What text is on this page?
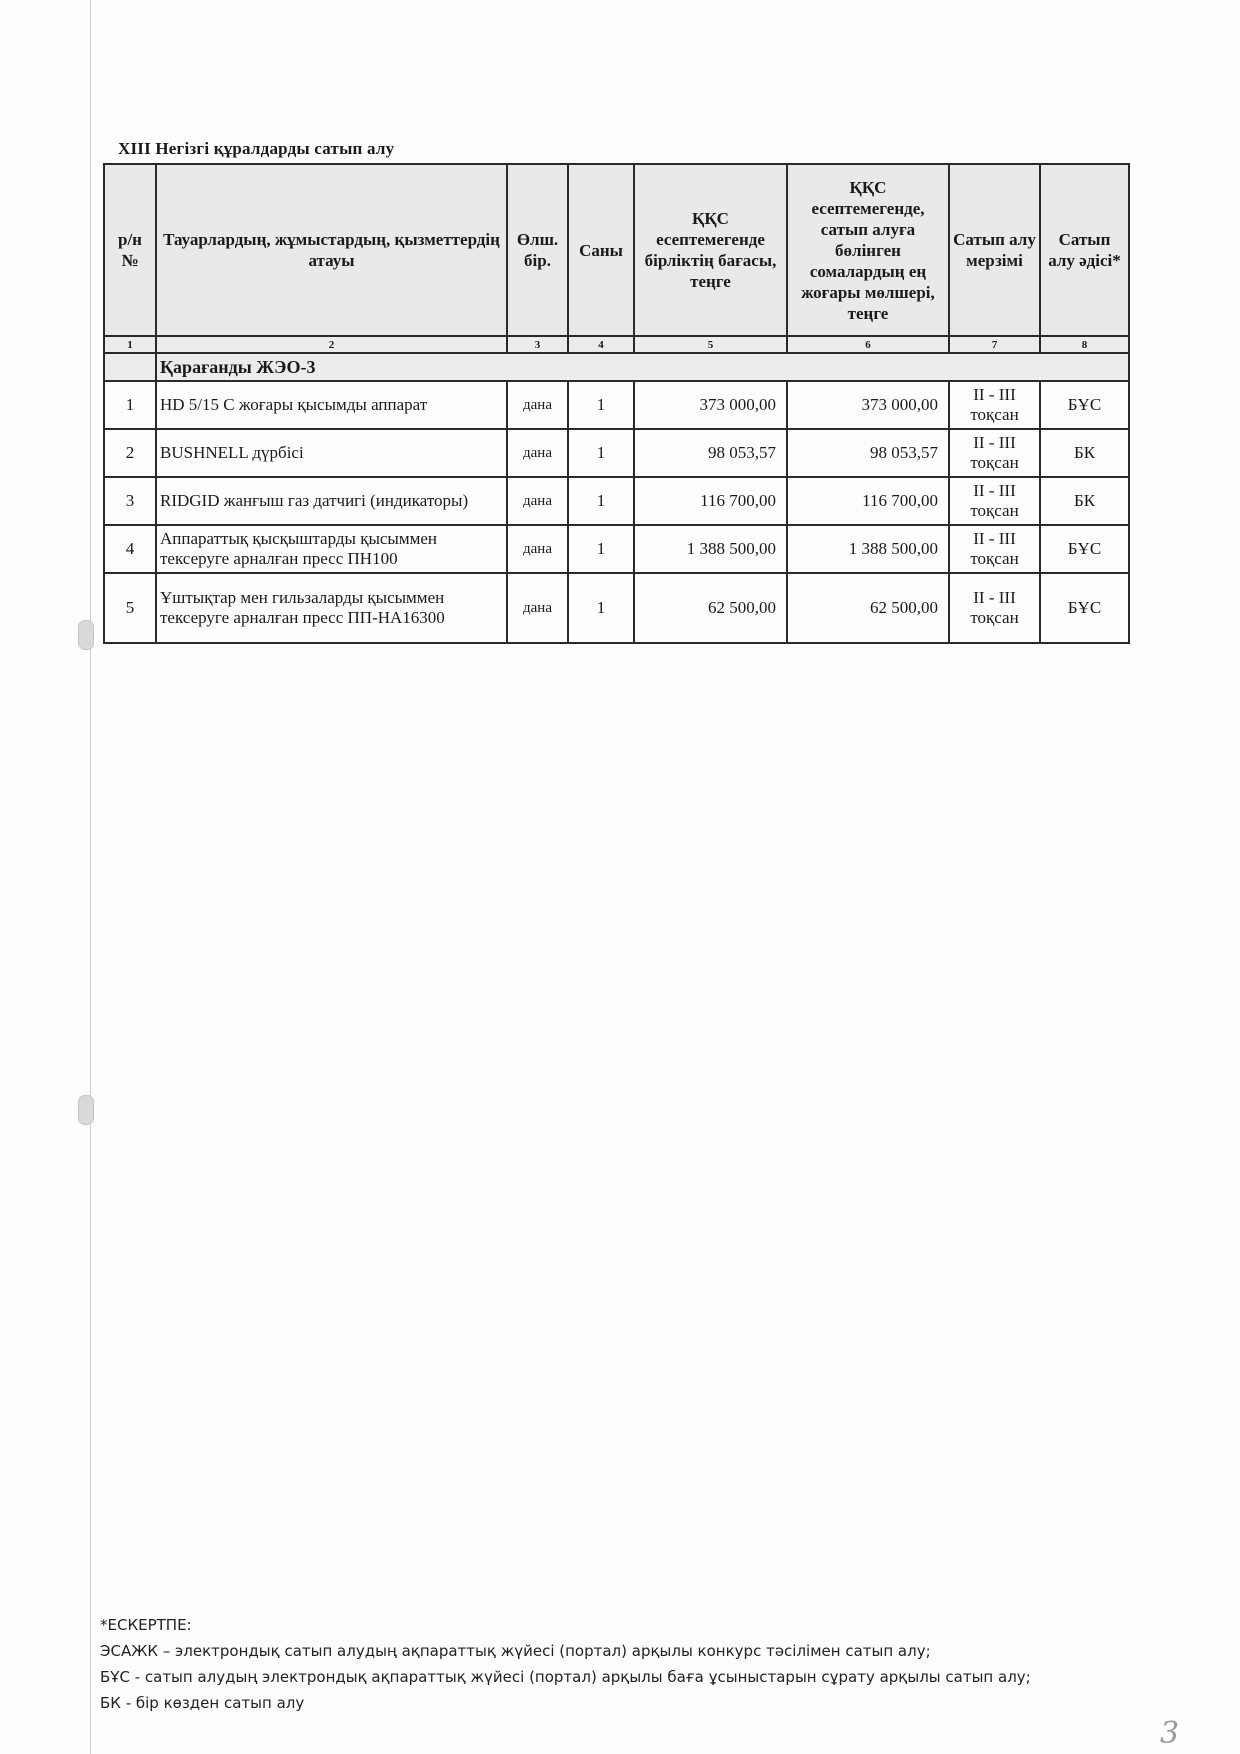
XIII Негізгі құралдарды сатып алу
р/н №	Тауарлардың, жұмыстардың, қызметтердің атауы	Өлш. бір.	Саны	ҚҚС есептемегенде бірліктің бағасы, теңге	ҚҚС есептемегенде, сатып алуға бөлінген сомалардың ең жоғары мөлшері, теңге	Сатып алу мерзімі	Сатып алу әдісі*
1	2	3	4	5	6	7	8
	Қарағанды ЖЭО-3						
1	HD 5/15 C жоғары қысымды аппарат	дана	1	373 000,00	373 000,00	II - III тоқсан	БҰС
2	BUSHNELL дүрбісі	дана	1	98 053,57	98 053,57	II - III тоқсан	БК
3	RIDGID жанғыш газ датчигі (индикаторы)	дана	1	116 700,00	116 700,00	II - III тоқсан	БК
4	Аппараттық қысқыштарды қысыммен тексеруге арналған пресс ПН100	дана	1	1 388 500,00	1 388 500,00	II - III тоқсан	БҰС
5	Ұштықтар мен гильзаларды қысыммен тексеруге арналған пресс ПП-НА16300	дана	1	62 500,00	62 500,00	II - III тоқсан	БҰС
*ЕСКЕРТПЕ:
ЭСАЖК – электрондық сатып алудың ақпараттық жүйесі (портал) арқылы конкурс тәсілімен сатып алу;
БҰС - сатып алудың электрондық ақпараттық жүйесі (портал) арқылы баға ұсыныстарын сұрату арқылы сатып алу;
БК - бір көзден сатып алу
3
